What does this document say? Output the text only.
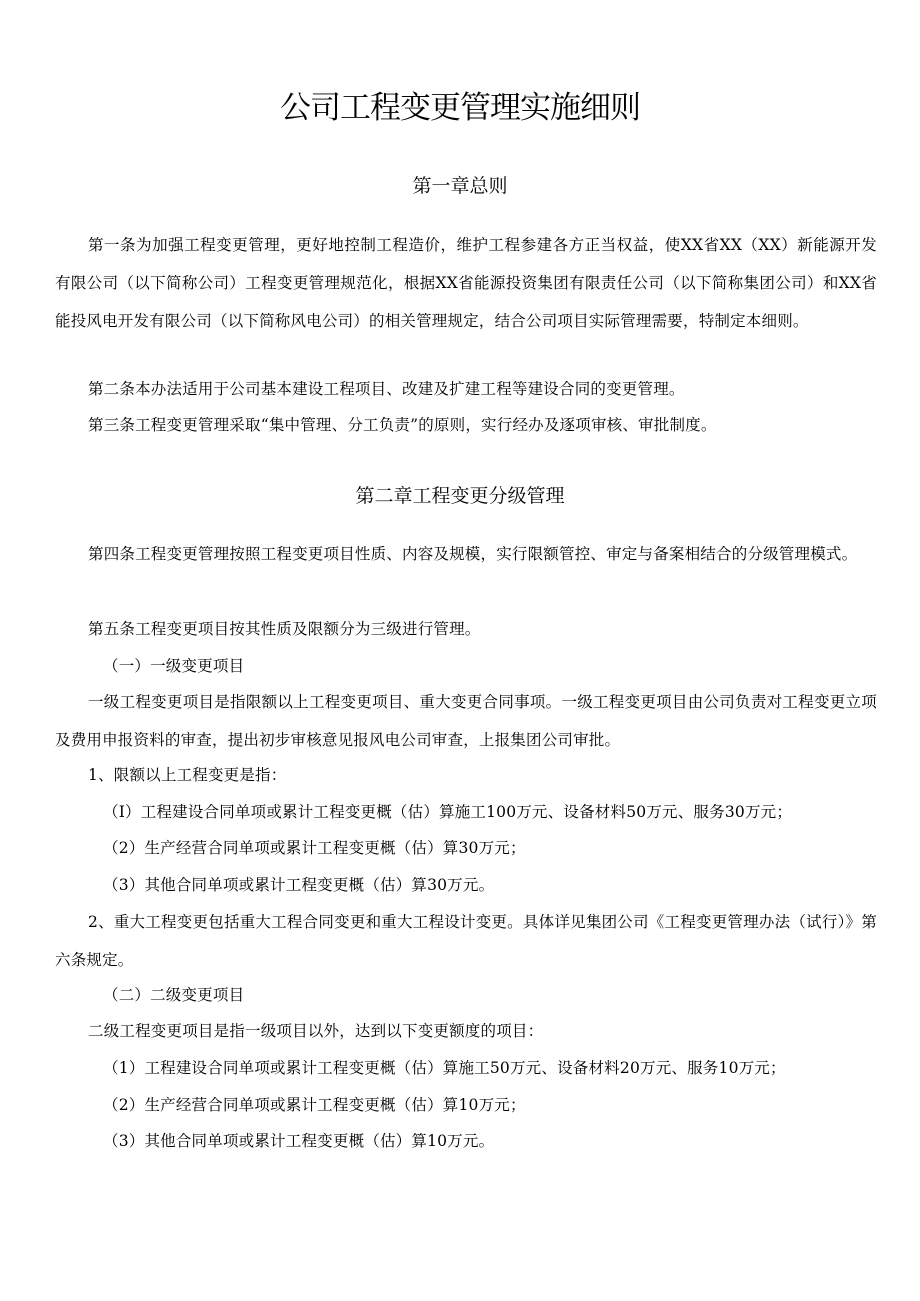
公司工程变更管理实施细则
第一章总则

第一条为加强工程变更管理，更好地控制工程造价，维护工程参建各方正当权益，使XX省XX（XX）新能源开发有限公司（以下简称公司）工程变更管理规范化，根据XX省能源投资集团有限责任公司（以下简称集团公司）和XX省能投风电开发有限公司（以下简称风电公司）的相关管理规定，结合公司项目实际管理需要，特制定本细则。

第二条本办法适用于公司基本建设工程项目、改建及扩建工程等建设合同的变更管理。

第三条工程变更管理采取“集中管理、分工负责”的原则，实行经办及逐项审核、审批制度。

第二章工程变更分级管理

第四条工程变更管理按照工程变更项目性质、内容及规模，实行限额管控、审定与备案相结合的分级管理模式。

第五条工程变更项目按其性质及限额分为三级进行管理。

（一）一级变更项目

一级工程变更项目是指限额以上工程变更项目、重大变更合同事项。一级工程变更项目由公司负责对工程变更立项及费用申报资料的审查，提出初步审核意见报风电公司审查，上报集团公司审批。

1、限额以上工程变更是指：

（I）工程建设合同单项或累计工程变更概（估）算施工100万元、设备材料50万元、服务30万元；

（2）生产经营合同单项或累计工程变更概（估）算30万元；

（3）其他合同单项或累计工程变更概（估）算30万元。

2、重大工程变更包括重大工程合同变更和重大工程设计变更。具体详见集团公司《工程变更管理办法（试行）》第六条规定。

（二）二级变更项目

二级工程变更项目是指一级项目以外，达到以下变更额度的项目：

（1）工程建设合同单项或累计工程变更概（估）算施工50万元、设备材料20万元、服务10万元；

（2）生产经营合同单项或累计工程变更概（估）算10万元；

（3）其他合同单项或累计工程变更概（估）算10万元。
